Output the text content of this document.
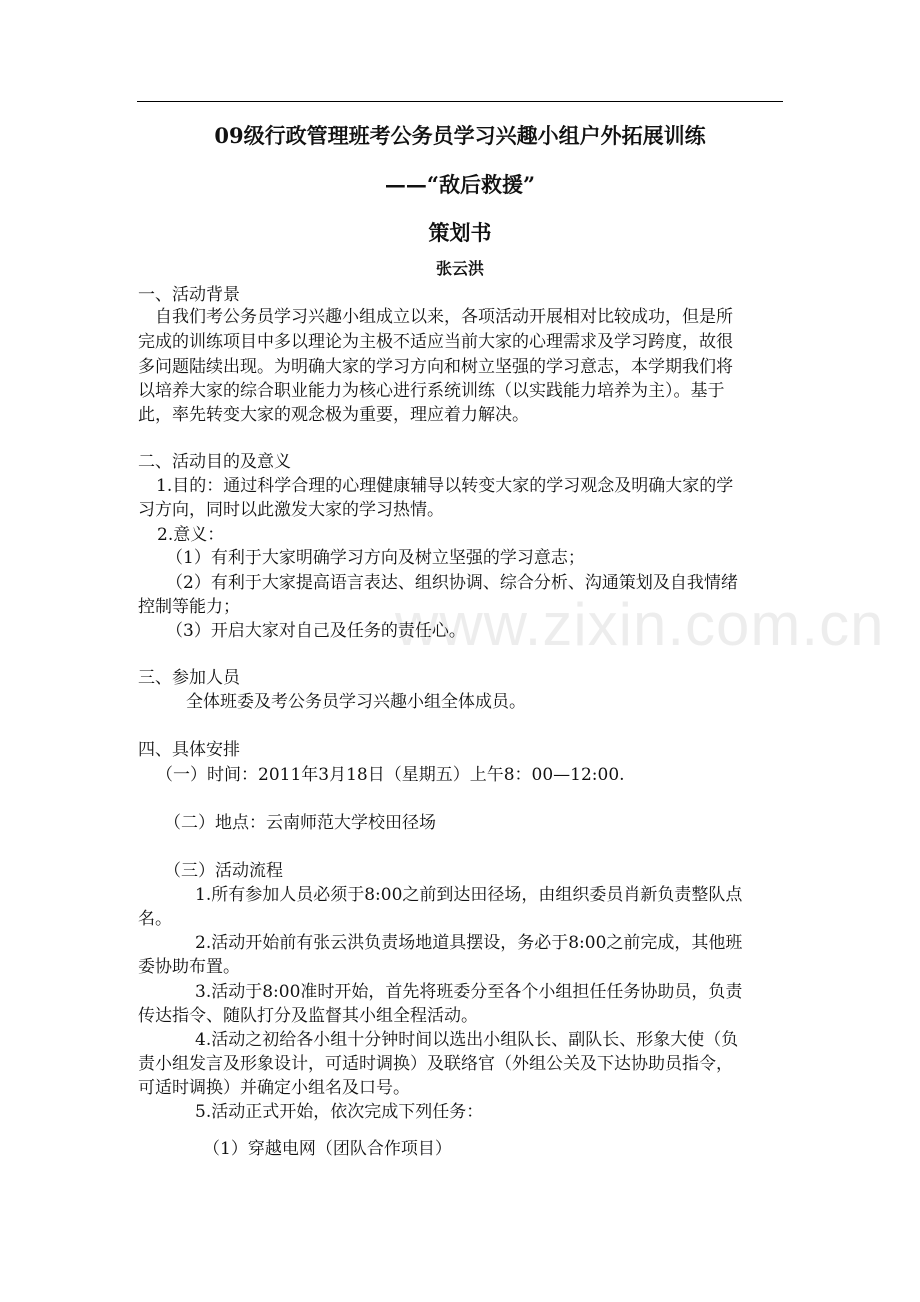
09级行政管理班考公务员学习兴趣小组户外拓展训练
——“敌后救援”
策划书
张云洪
www.zixin.com.cn
一、活动背景
自我们考公务员学习兴趣小组成立以来，各项活动开展相对比较成功，但是所
完成的训练项目中多以理论为主极不适应当前大家的心理需求及学习跨度，故很
多问题陆续出现。为明确大家的学习方向和树立坚强的学习意志，本学期我们将
以培养大家的综合职业能力为核心进行系统训练（以实践能力培养为主）。基于
此，率先转变大家的观念极为重要，理应着力解决。
二、活动目的及意义
1.目的：通过科学合理的心理健康辅导以转变大家的学习观念及明确大家的学
习方向，同时以此激发大家的学习热情。
2.意义：
（1）有利于大家明确学习方向及树立坚强的学习意志；
（2）有利于大家提高语言表达、组织协调、综合分析、沟通策划及自我情绪
控制等能力；
（3）开启大家对自己及任务的责任心。
三、参加人员
全体班委及考公务员学习兴趣小组全体成员。
四、具体安排
（一）时间：2011年3月18日（星期五）上午8：00—12:00.
（二）地点：云南师范大学校田径场
（三）活动流程
1.所有参加人员必须于8:00之前到达田径场，由组织委员肖新负责整队点
名。
2.活动开始前有张云洪负责场地道具摆设，务必于8:00之前完成，其他班
委协助布置。
3.活动于8:00准时开始，首先将班委分至各个小组担任任务协助员，负责
传达指令、随队打分及监督其小组全程活动。
4.活动之初给各小组十分钟时间以选出小组队长、副队长、形象大使（负
责小组发言及形象设计，可适时调换）及联络官（外组公关及下达协助员指令，
可适时调换）并确定小组名及口号。
5.活动正式开始，依次完成下列任务：
（1）穿越电网（团队合作项目）
